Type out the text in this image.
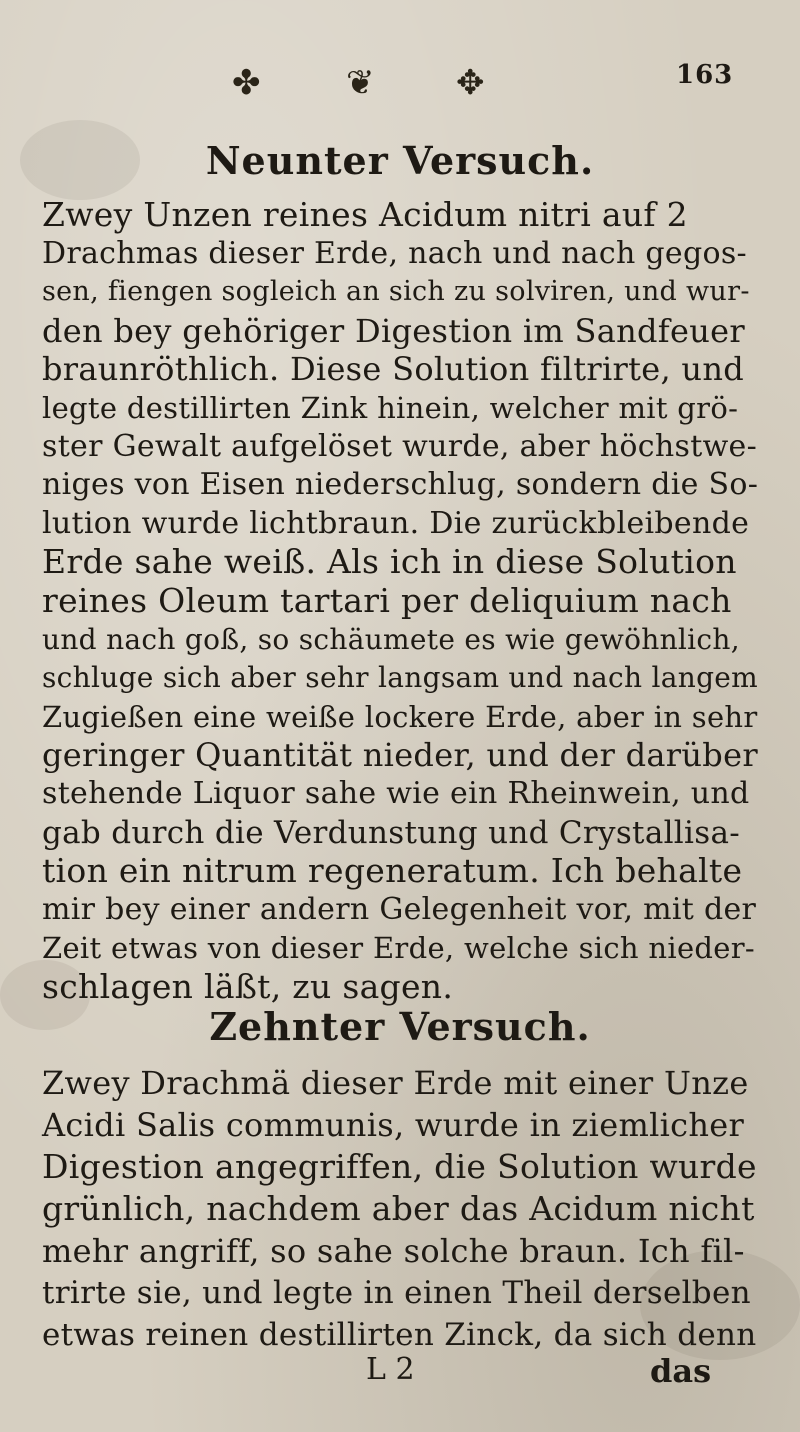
✤	❦ ✥	163
Neunter Versuch.
Zwey Unzen reines Acidum nitri auf 2
Drachmas dieser Erde, nach und nach gegos-
sen, fiengen sogleich an sich zu solviren, und wur-
den bey gehöriger Digestion im Sandfeuer
braunröthlich. Diese Solution filtrirte, und
legte destillirten Zink hinein, welcher mit grö-
ster Gewalt aufgelöset wurde, aber höchstwe-
niges von Eisen niederschlug, sondern die So-
lution wurde lichtbraun. Die zurückbleibende
Erde sahe weiß. Als ich in diese Solution
reines Oleum tartari per deliquium nach
und nach goß, so schäumete es wie gewöhnlich,
schluge sich aber sehr langsam und nach langem
Zugießen eine weiße lockere Erde, aber in sehr
geringer Quantität nieder, und der darüber
stehende Liquor sahe wie ein Rheinwein, und
gab durch die Verdunstung und Crystallisa-
tion ein nitrum regeneratum. Ich behalte
mir bey einer andern Gelegenheit vor, mit der
Zeit etwas von dieser Erde, welche sich nieder-
schlagen läßt, zu sagen.
Zehnter Versuch.
Zwey Drachmä dieser Erde mit einer Unze
Acidi Salis communis, wurde in ziemlicher
Digestion angegriffen, die Solution wurde
grünlich, nachdem aber das Acidum nicht
mehr angriff, so sahe solche braun. Ich fil-
trirte sie, und legte in einen Theil derselben
etwas reinen destillirten Zinck, da sich denn
L 2	das
